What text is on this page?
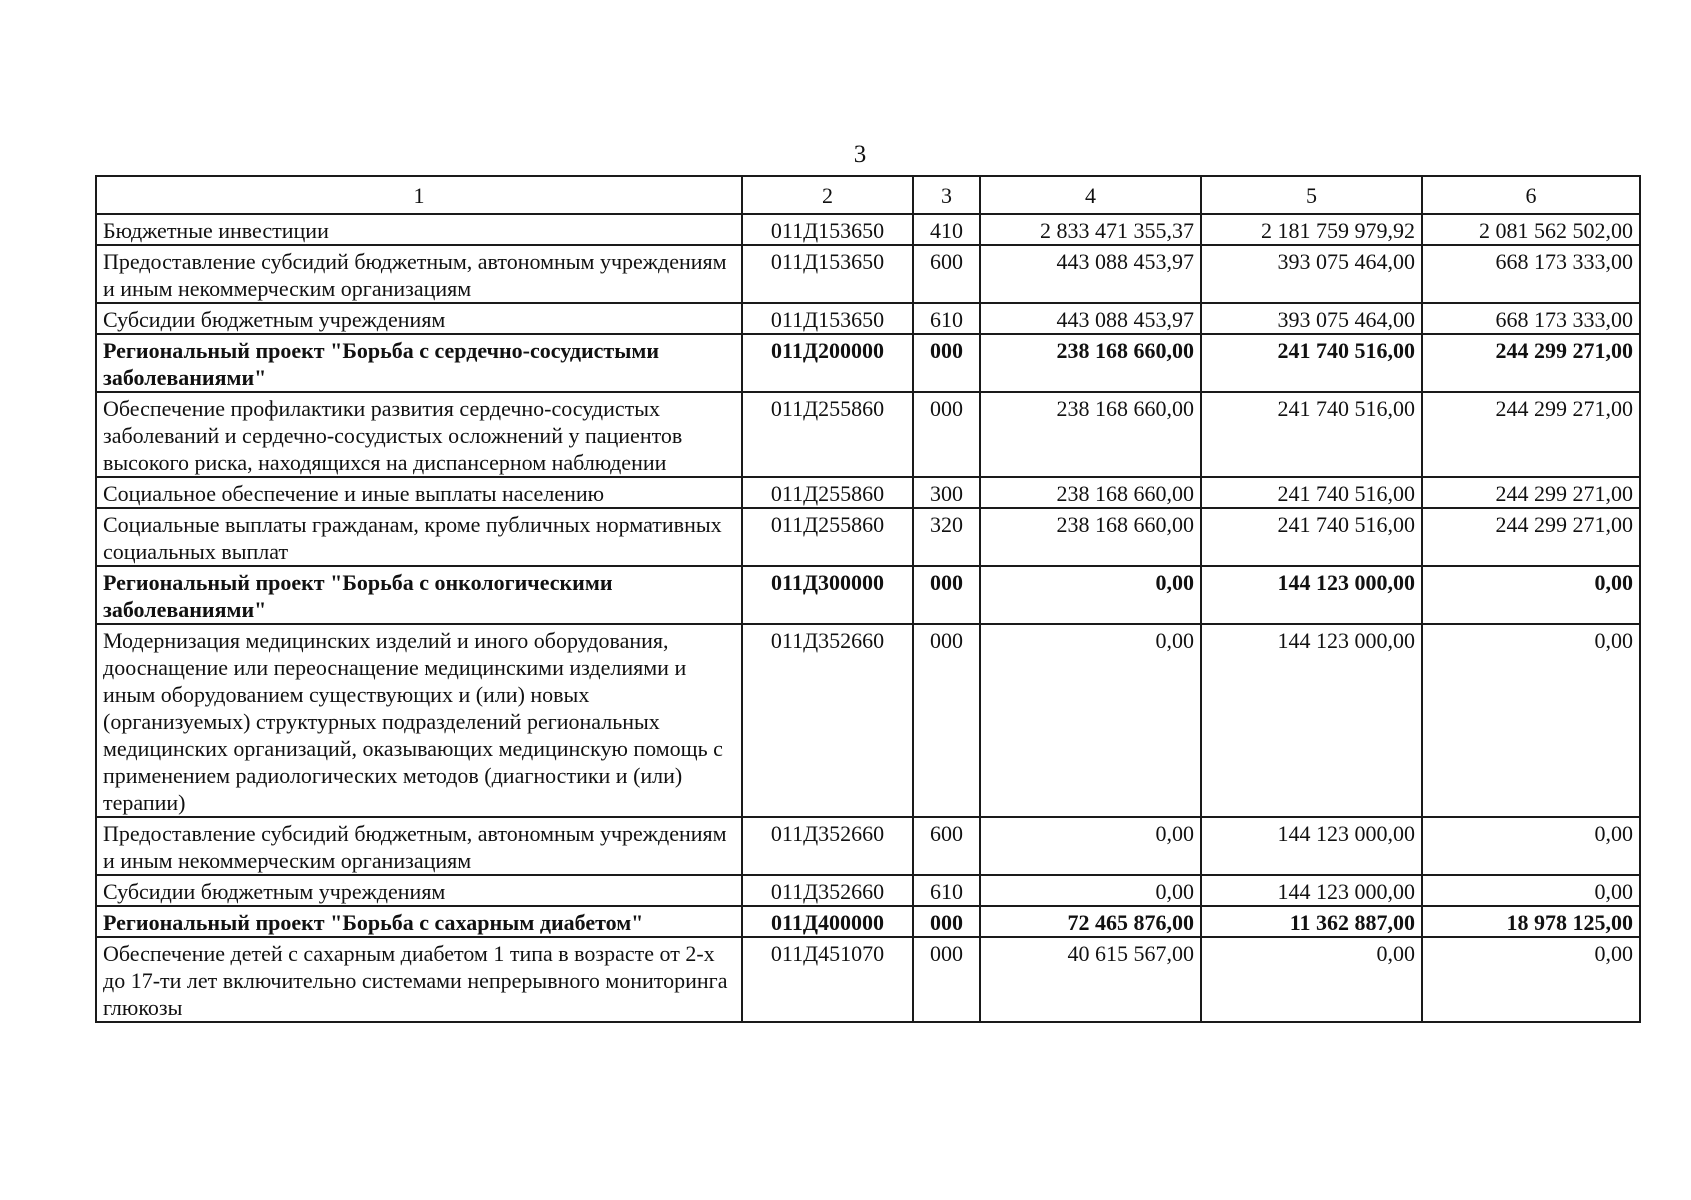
3
1	2	3	4	5	6
Бюджетные инвестиции	011Д153650	410	2 833 471 355,37	2 181 759 979,92	2 081 562 502,00
Предоставление субсидий бюджетным, автономным учреждениям и иным некоммерческим организациям	011Д153650	600	443 088 453,97	393 075 464,00	668 173 333,00
Субсидии бюджетным учреждениям	011Д153650	610	443 088 453,97	393 075 464,00	668 173 333,00
Региональный проект "Борьба с сердечно-сосудистыми заболеваниями"	011Д200000	000	238 168 660,00	241 740 516,00	244 299 271,00
Обеспечение профилактики развития сердечно-сосудистых заболеваний и сердечно-сосудистых осложнений у пациентов высокого риска, находящихся на диспансерном наблюдении	011Д255860	000	238 168 660,00	241 740 516,00	244 299 271,00
Социальное обеспечение и иные выплаты населению	011Д255860	300	238 168 660,00	241 740 516,00	244 299 271,00
Социальные выплаты гражданам, кроме публичных нормативных социальных выплат	011Д255860	320	238 168 660,00	241 740 516,00	244 299 271,00
Региональный проект "Борьба с онкологическими заболеваниями"	011Д300000	000	0,00	144 123 000,00	0,00
Модернизация медицинских изделий и иного оборудования, дооснащение или переоснащение медицинскими изделиями и иным оборудованием существующих и (или) новых (организуемых) структурных подразделений региональных медицинских организаций, оказывающих медицинскую помощь с применением радиологических методов (диагностики и (или) терапии)	011Д352660	000	0,00	144 123 000,00	0,00
Предоставление субсидий бюджетным, автономным учреждениям и иным некоммерческим организациям	011Д352660	600	0,00	144 123 000,00	0,00
Субсидии бюджетным учреждениям	011Д352660	610	0,00	144 123 000,00	0,00
Региональный проект "Борьба с сахарным диабетом"	011Д400000	000	72 465 876,00	11 362 887,00	18 978 125,00
Обеспечение детей с сахарным диабетом 1 типа в возрасте от 2-х до 17-ти лет включительно системами непрерывного мониторинга глюкозы	011Д451070	000	40 615 567,00	0,00	0,00
